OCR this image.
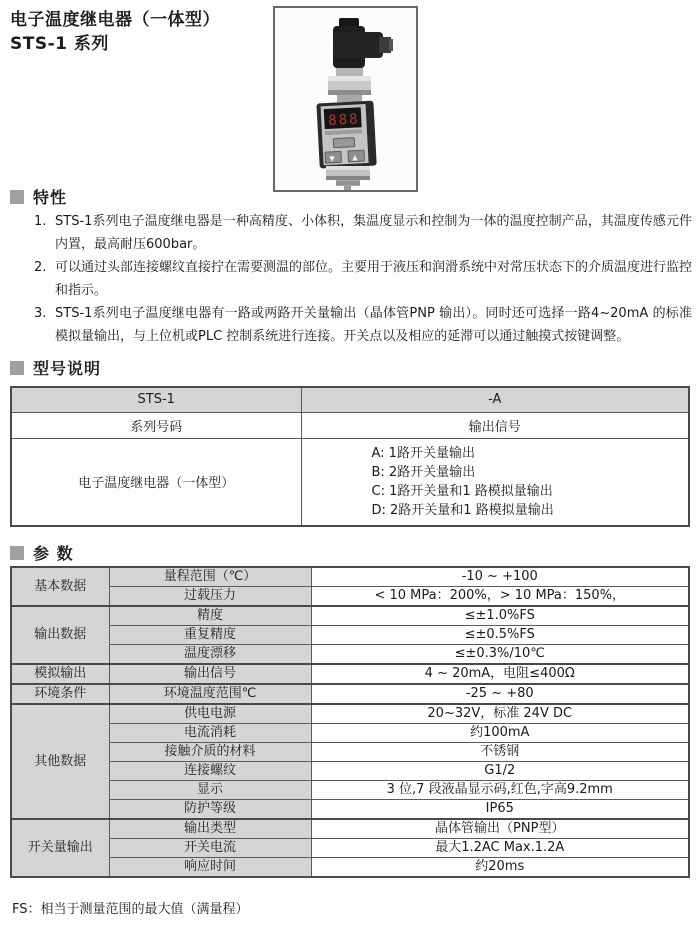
电子温度继电器（一体型）
STS-1 系列
888
▼ ▲
特性
1. STS-1系列电子温度继电器是一种高精度、小体积，集温度显示和控制为一体的温度控制产品，其温度传感元件内置，最高耐压600bar。
2. 可以通过头部连接螺纹直接拧在需要测温的部位。主要用于液压和润滑系统中对常压状态下的介质温度进行监控和指示。
3. STS-1系列电子温度继电器有一路或两路开关量输出（晶体管PNP 输出）。同时还可选择一路4~20mA 的标准模拟量输出，与上位机或PLC 控制系统进行连接。开关点以及相应的延滞可以通过触摸式按键调整。
型号说明
STS-1	-A
系列号码	输出信号
电子温度继电器（一体型）	A: 1路开关量输出
B: 2路开关量输出
C: 1路开关量和1 路模拟量输出
D: 2路开关量和1 路模拟量输出
参 数
基本数据	量程范围（℃）	-10 ~ +100
	过载压力	< 10 MPa：200%，> 10 MPa：150%，
输出数据	精度	≤±1.0%FS
	重复精度	≤±0.5%FS
	温度漂移	≤±0.3%/10℃
模拟输出	输出信号	4 ~ 20mA，电阻≤400Ω
环境条件	环境温度范围℃	-25 ~ +80
其他数据	供电电源	20~32V，标准 24V DC
	电流消耗	约100mA
	接触介质的材料	不锈钢
	连接螺纹	G1/2
	显示	3 位,7 段液晶显示码,红色,字高9.2mm
	防护等级	IP65
开关量输出	输出类型	晶体管输出（PNP型）
	开关电流	最大1.2AC Max.1.2A
	响应时间	约20ms
FS：相当于测量范围的最大值（满量程）
